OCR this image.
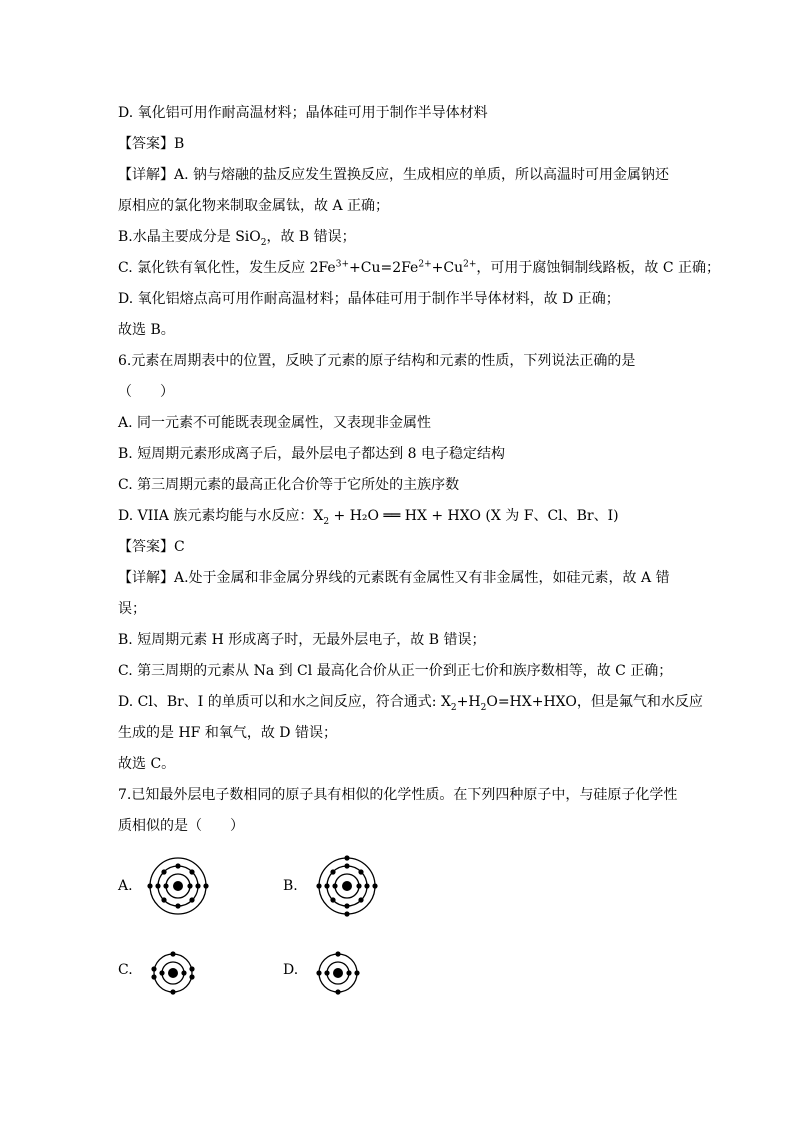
D. 氧化铝可用作耐高温材料；晶体硅可用于制作半导体材料
【答案】B
【详解】A. 钠与熔融的盐反应发生置换反应，生成相应的单质，所以高温时可用金属钠还
原相应的氯化物来制取金属钛，故 A 正确；
B.水晶主要成分是 SiO$_2$，故 B 错误；
C. 氯化铁有氧化性，发生反应 $2Fe^{3+}+Cu=2Fe^{2+}+Cu^{2+}$，可用于腐蚀铜制线路板，故 C 正确；
D. 氧化铝熔点高可用作耐高温材料；晶体硅可用于制作半导体材料，故 D 正确；
故选 B。
6.元素在周期表中的位置，反映了元素的原子结构和元素的性质，下列说法正确的是
（　　）
A. 同一元素不可能既表现金属性，又表现非金属性
B. 短周期元素形成离子后，最外层电子都达到 8 电子稳定结构
C. 第三周期元素的最高正化合价等于它所处的主族序数
D. VIIA 族元素均能与水反应：$X_2 + H_2O$ ══ HX + HXO (X 为 F、Cl、Br、I)
【答案】C
【详解】A.处于金属和非金属分界线的元素既有金属性又有非金属性，如硅元素，故 A 错
误；
B. 短周期元素 H 形成离子时，无最外层电子，故 B 错误；
C. 第三周期的元素从 Na 到 Cl 最高化合价从正一价到正七价和族序数相等，故 C 正确；
D. Cl、Br、I 的单质可以和水之间反应，符合通式: $X_2+H_2O=HX+HXO$，但是氟气和水反应
生成的是 HF 和氧气，故 D 错误；
故选 C。
7.已知最外层电子数相同的原子具有相似的化学性质。在下列四种原子中，与硅原子化学性
质相似的是（　　）
A.	B.
C.	D.
